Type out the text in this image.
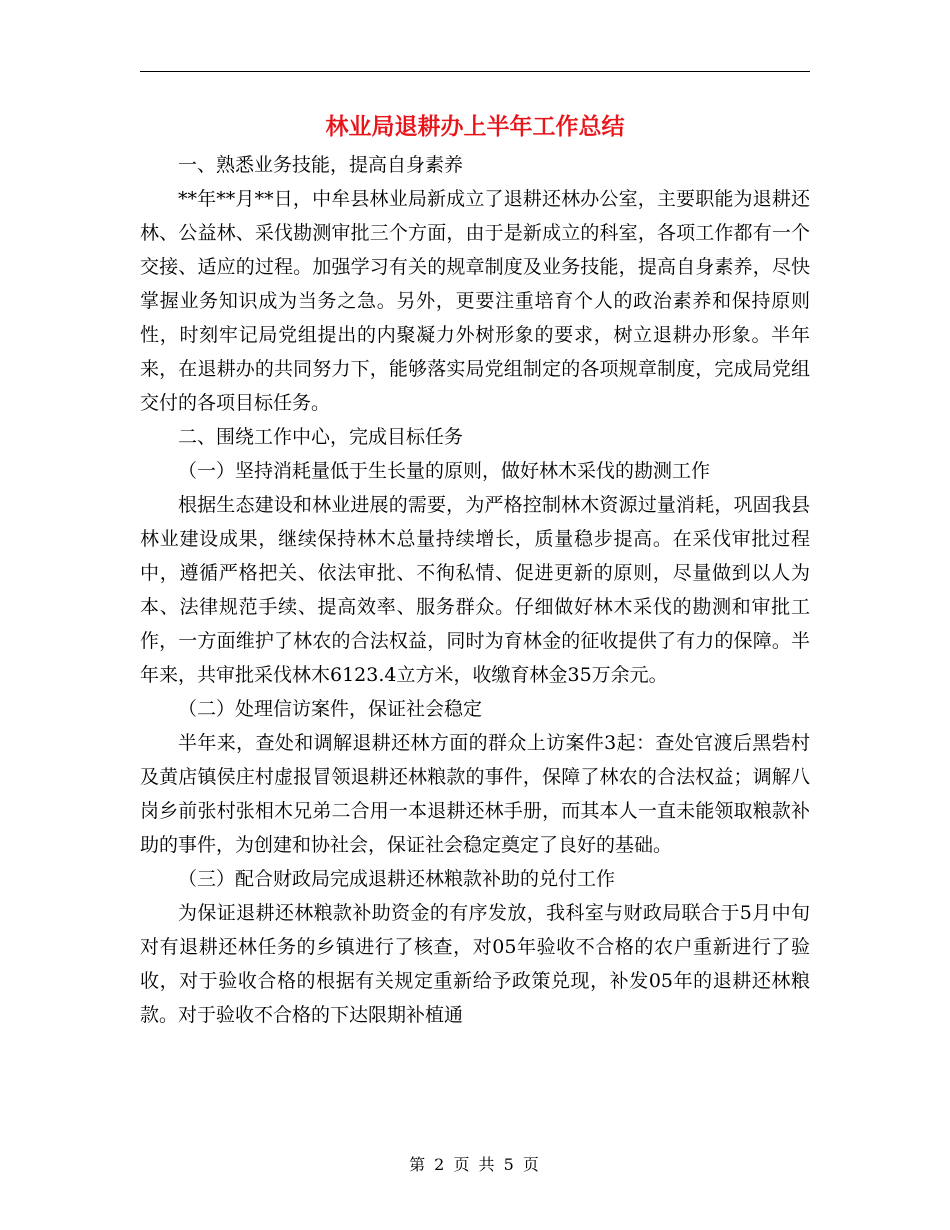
林业局退耕办上半年工作总结

一、熟悉业务技能，提高自身素养

**年**月**日，中牟县林业局新成立了退耕还林办公室，主要职能为退耕还林、公益林、采伐勘测审批三个方面，由于是新成立的科室，各项工作都有一个交接、适应的过程。加强学习有关的规章制度及业务技能，提高自身素养，尽快掌握业务知识成为当务之急。另外，更要注重培育个人的政治素养和保持原则性，时刻牢记局党组提出的内聚凝力外树形象的要求，树立退耕办形象。半年来，在退耕办的共同努力下，能够落实局党组制定的各项规章制度，完成局党组交付的各项目标任务。

二、围绕工作中心，完成目标任务

（一）坚持消耗量低于生长量的原则，做好林木采伐的勘测工作

根据生态建设和林业进展的需要，为严格控制林木资源过量消耗，巩固我县林业建设成果，继续保持林木总量持续增长，质量稳步提高。在采伐审批过程中，遵循严格把关、依法审批、不徇私情、促进更新的原则，尽量做到以人为本、法律规范手续、提高效率、服务群众。仔细做好林木采伐的勘测和审批工作，一方面维护了林农的合法权益，同时为育林金的征收提供了有力的保障。半年来，共审批采伐林木6123.4立方米，收缴育林金35万余元。

（二）处理信访案件，保证社会稳定

半年来，查处和调解退耕还林方面的群众上访案件3起：查处官渡后黑砦村及黄店镇侯庄村虚报冒领退耕还林粮款的事件，保障了林农的合法权益；调解八岗乡前张村张相木兄弟二合用一本退耕还林手册，而其本人一直未能领取粮款补助的事件，为创建和协社会，保证社会稳定奠定了良好的基础。

（三）配合财政局完成退耕还林粮款补助的兑付工作

为保证退耕还林粮款补助资金的有序发放，我科室与财政局联合于5月中旬对有退耕还林任务的乡镇进行了核查，对05年验收不合格的农户重新进行了验收，对于验收合格的根据有关规定重新给予政策兑现，补发05年的退耕还林粮款。对于验收不合格的下达限期补植通

第 2 页 共 5 页
